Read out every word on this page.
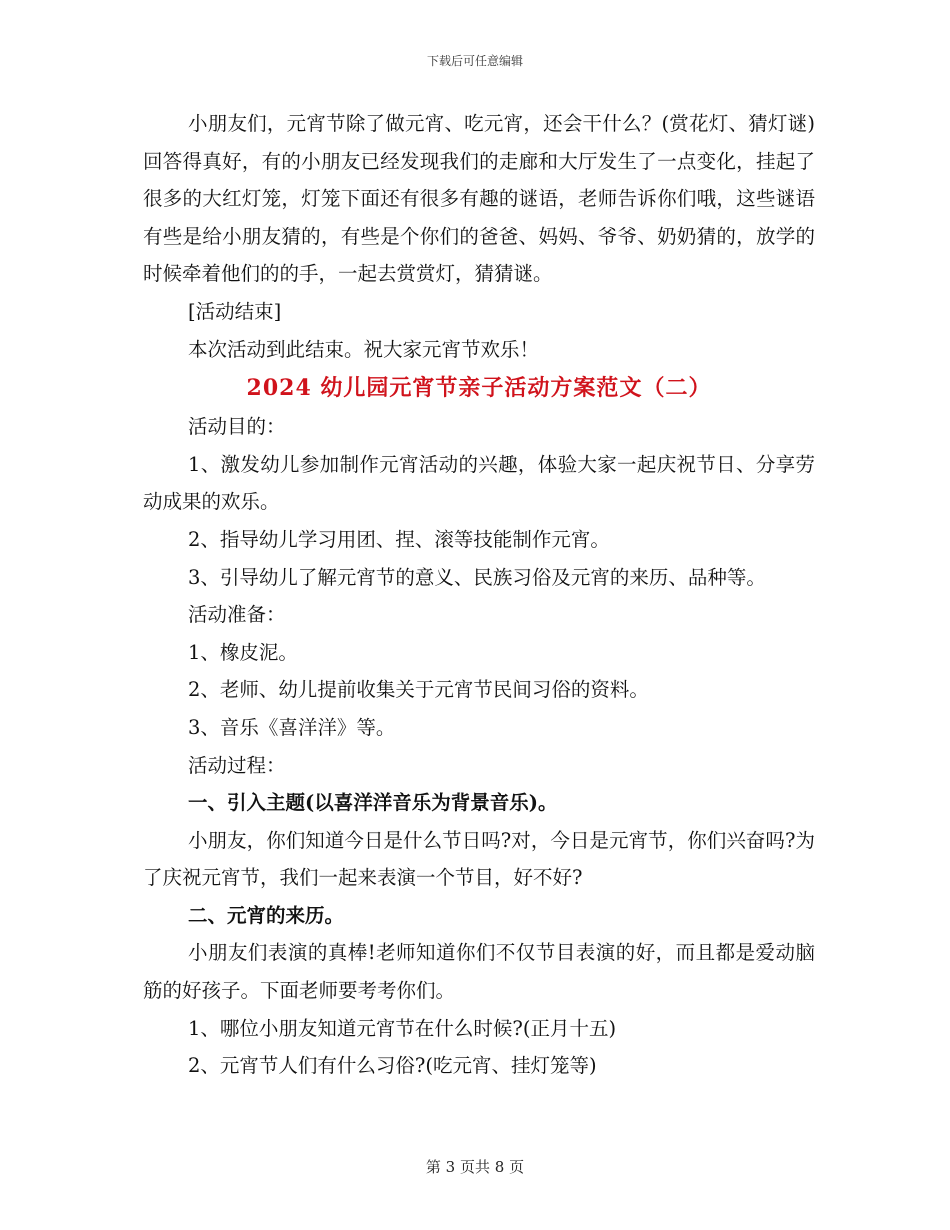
下载后可任意编辑

小朋友们，元宵节除了做元宵、吃元宵，还会干什么？(赏花灯、猜灯谜)回答得真好，有的小朋友已经发现我们的走廊和大厅发生了一点变化，挂起了很多的大红灯笼，灯笼下面还有很多有趣的谜语，老师告诉你们哦，这些谜语有些是给小朋友猜的，有些是个你们的爸爸、妈妈、爷爷、奶奶猜的，放学的时候牵着他们的的手，一起去赏赏灯，猜猜谜。

[活动结束]

本次活动到此结束。祝大家元宵节欢乐！

2024 幼儿园元宵节亲子活动方案范文（二）

活动目的：

1、激发幼儿参加制作元宵活动的兴趣，体验大家一起庆祝节日、分享劳动成果的欢乐。

2、指导幼儿学习用团、捏、滚等技能制作元宵。

3、引导幼儿了解元宵节的意义、民族习俗及元宵的来历、品种等。

活动准备：

1、橡皮泥。

2、老师、幼儿提前收集关于元宵节民间习俗的资料。

3、音乐《喜洋洋》等。

活动过程：

一、引入主题(以喜洋洋音乐为背景音乐)。

小朋友，你们知道今日是什么节日吗?对，今日是元宵节，你们兴奋吗?为了庆祝元宵节，我们一起来表演一个节目，好不好?

二、元宵的来历。

小朋友们表演的真棒!老师知道你们不仅节目表演的好，而且都是爱动脑筋的好孩子。下面老师要考考你们。

1、哪位小朋友知道元宵节在什么时候?(正月十五)

2、元宵节人们有什么习俗?(吃元宵、挂灯笼等)

第 3 页共 8 页
